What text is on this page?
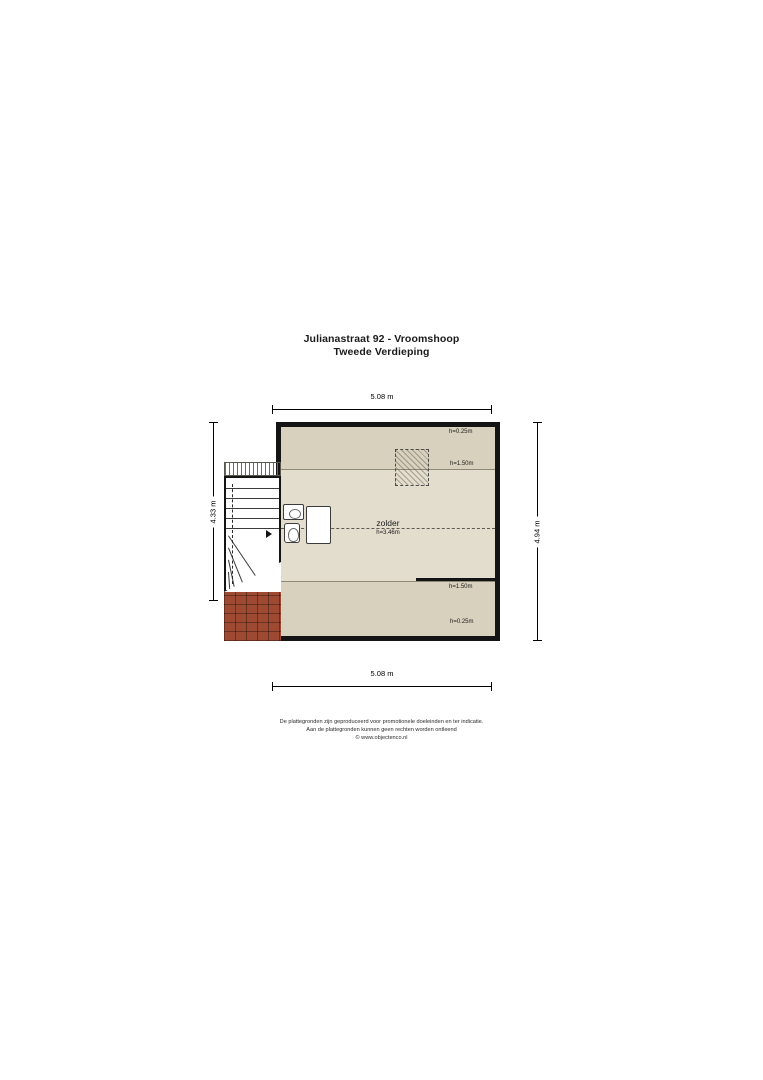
Julianastraat 92 - Vroomshoop
Tweede Verdieping
5.08 m
4.33 m
4.94 m
5.08 m
zolder
h=3.46m
h=0.25m
h=1.50m
h=1.50m
h=0.25m
De plattegronden zijn geproduceerd voor promotionele doeleinden en ter indicatie.
Aan de plattegronden kunnen geen rechten worden ontleend
© www.objectenco.nl
